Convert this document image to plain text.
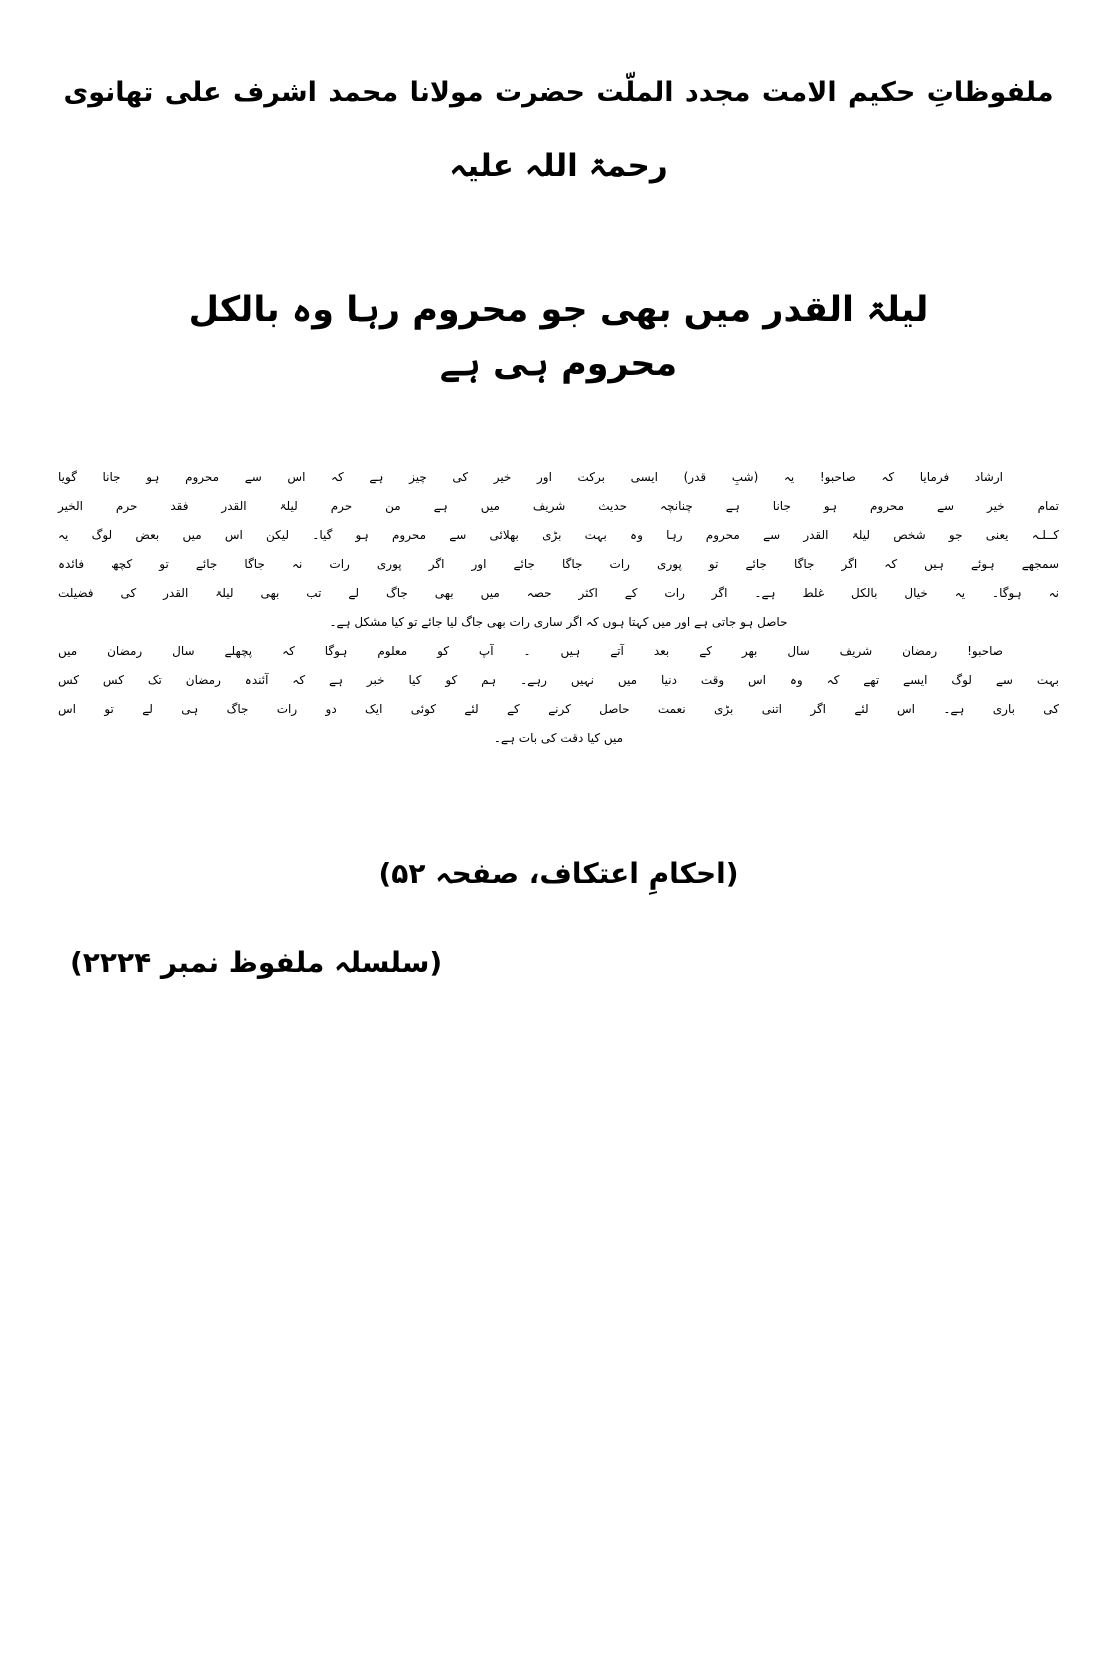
ملفوظاتِ حکیم الامت مجدد الملّت حضرت مولانا محمد اشرف علی تھانوی
رحمۃ اللہ علیہ
لیلۃ القدر میں بھی جو محروم رہا وہ بالکل محروم ہی ہے
ارشاد فرمایا کہ صاحبو! یہ (شبِ قدر) ایسی برکت اور خیر کی چیز ہے کہ اس سے محروم ہو جانا گویا
تمام خیر سے محروم ہو جانا ہے چنانچہ حدیث شریف میں ہے من حرم لیلۃ القدر فقد حرم الخیر
کــلـہ یعنی جو شخص لیلۃ القدر سے محروم رہا وہ بہت بڑی بھلائی سے محروم ہو گیا۔ لیکن اس میں بعض لوگ یہ
سمجھے ہوئے ہیں کہ اگر جاگا جائے تو پوری رات جاگا جائے اور اگر پوری رات نہ جاگا جائے تو کچھ فائدہ
نہ ہوگا۔ یہ خیال بالکل غلط ہے۔ اگر رات کے اکثر حصہ میں بھی جاگ لے تب بھی لیلۃ القدر کی فضیلت
حاصل ہو جاتی ہے اور میں کہتا ہوں کہ اگر ساری رات بھی جاگ لیا جائے تو کیا مشکل ہے۔
صاحبو! رمضان شریف سال بھر کے بعد آتے ہیں ۔ آپ کو معلوم ہوگا کہ پچھلے سال رمضان میں
بہت سے لوگ ایسے تھے کہ وہ اس وقت دنیا میں نہیں رہے۔ ہم کو کیا خبر ہے کہ آئندہ رمضان تک کس کس
کی باری ہے۔ اس لئے اگر اتنی بڑی نعمت حاصل کرنے کے لئے کوئی ایک دو رات جاگ ہی لے تو اس
میں کیا دقت کی بات ہے۔
(احکامِ اعتکاف، صفحہ ۵۲)
(سلسلہ ملفوظ نمبر ۲۲۲۴)
